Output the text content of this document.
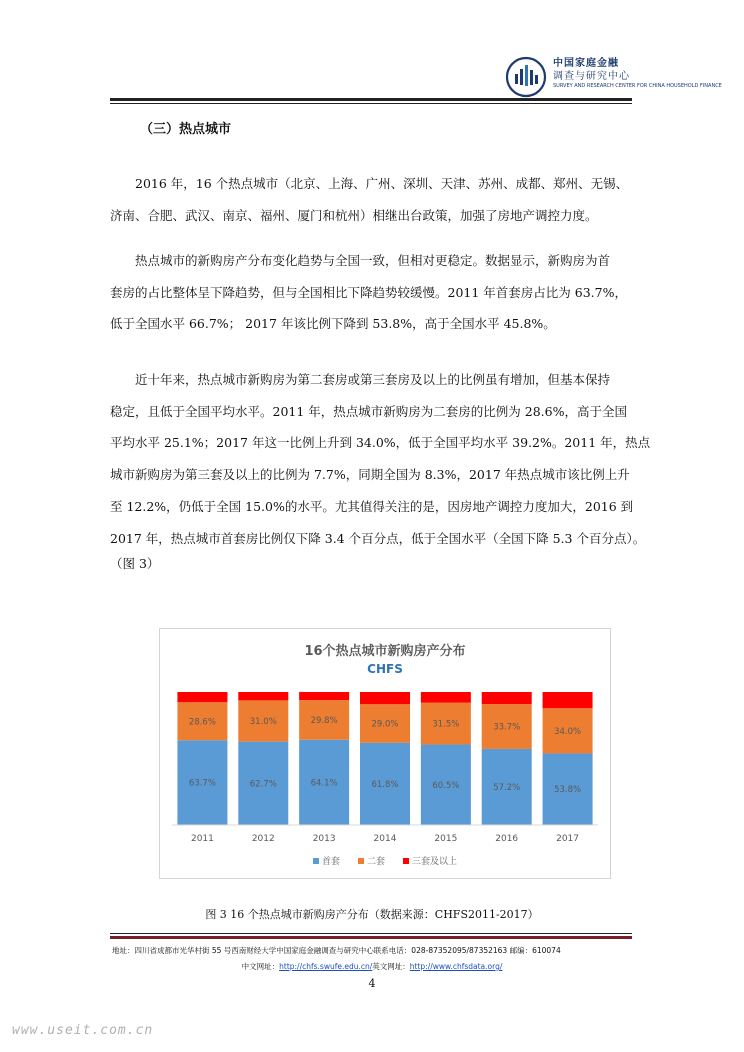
中国家庭金融
调查与研究中心
SURVEY AND RESEARCH CENTER FOR CHINA HOUSEHOLD FINANCE
（三）热点城市

　　2016 年，16 个热点城市（北京、上海、广州、深圳、天津、苏州、成都、郑州、无锡、
济南、合肥、武汉、南京、福州、厦门和杭州）相继出台政策，加强了房地产调控力度。

　　热点城市的新购房产分布变化趋势与全国一致，但相对更稳定。数据显示，新购房为首
套房的占比整体呈下降趋势，但与全国相比下降趋势较缓慢。2011 年首套房占比为 63.7%，
低于全国水平 66.7%； 2017 年该比例下降到 53.8%，高于全国水平 45.8%。

　　近十年来，热点城市新购房为第二套房或第三套房及以上的比例虽有增加，但基本保持
稳定，且低于全国平均水平。2011 年，热点城市新购房为二套房的比例为 28.6%，高于全国
平均水平 25.1%；2017 年这一比例上升到 34.0%，低于全国平均水平 39.2%。2011 年，热点
城市新购房为第三套及以上的比例为 7.7%，同期全国为 8.3%，2017 年热点城市该比例上升
至 12.2%，仍低于全国 15.0%的水平。尤其值得关注的是，因房地产调控力度加大，2016 到
2017 年，热点城市首套房比例仅下降 3.4 个百分点，低于全国水平（全国下降 5.3 个百分点）。
（图 3）

16个热点城市新购房产分布
CHFS
63.7%
28.6%
62.7%
31.0%
64.1%
29.8%
61.8%
29.0%
60.5%
31.5%
57.2%
33.7%
53.8%
34.0%
2011	2012	2013	2014	2015	2016	2017
首套	二套	三套及以上
图 3 16 个热点城市新购房产分布（数据来源：CHFS2011-2017）
地址：四川省成都市光华村街 55 号西南财经大学中国家庭金融调查与研究中心联系电话：028-87352095/87352163 邮编：610074
中文网址：http://chfs.swufe.edu.cn/英文网址：http://www.chfsdata.org/
4
www.useit.com.cn
